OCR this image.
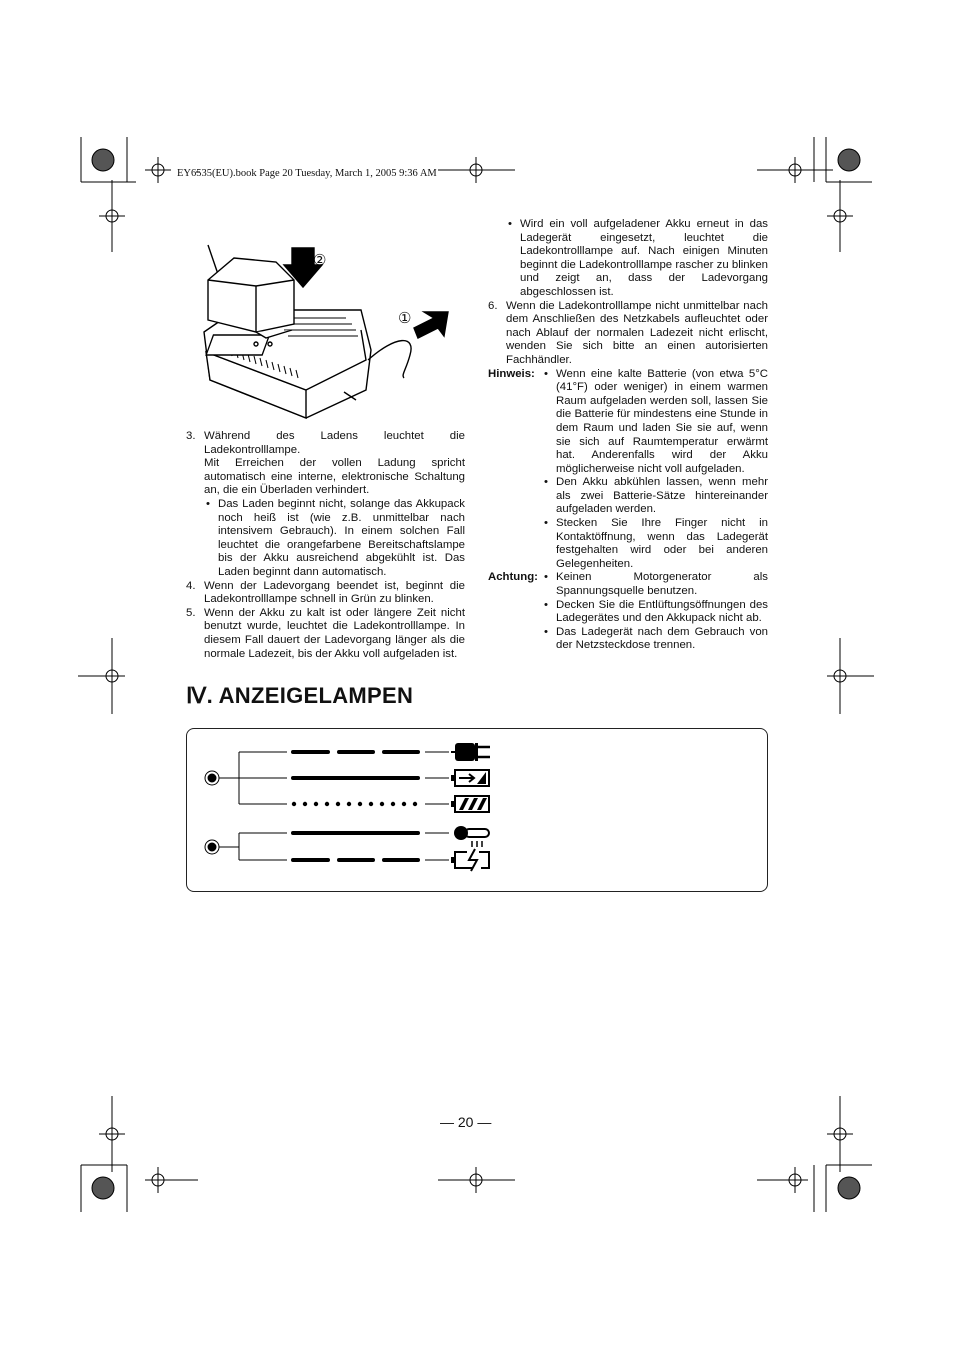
EY6535(EU).book Page 20 Tuesday, March 1, 2005 9:36 AM
②
①
3. Während des Ladens leuchtet die Ladekontrolllampe.
Mit Erreichen der vollen Ladung spricht automatisch eine interne, elektronische Schaltung an, die ein Überladen verhindert.
• Das Laden beginnt nicht, solange das Akkupack noch heiß ist (wie z.B. unmittelbar nach intensivem Gebrauch). In einem solchen Fall leuchtet die orangefarbene Bereitschaftslampe bis der Akku ausreichend abgekühlt ist. Das Laden beginnt dann automatisch.
4. Wenn der Ladevorgang beendet ist, beginnt die Ladekontrolllampe schnell in Grün zu blinken.
5. Wenn der Akku zu kalt ist oder längere Zeit nicht benutzt wurde, leuchtet die Ladekontrolllampe. In diesem Fall dauert der Ladevorgang länger als die normale Ladezeit, bis der Akku voll aufgeladen ist.
• Wird ein voll aufgeladener Akku erneut in das Ladegerät eingesetzt, leuchtet die Ladekontrolllampe auf. Nach einigen Minuten beginnt die Ladekontrolllampe rascher zu blinken und zeigt an, dass der Ladevorgang abgeschlossen ist.
6. Wenn die Ladekontrolllampe nicht unmittelbar nach dem Anschließen des Netzkabels aufleuchtet oder nach Ablauf der normalen Ladezeit nicht erlischt, wenden Sie sich bitte an einen autorisierten Fachhändler.
Hinweis:	• Wenn eine kalte Batterie (von etwa 5°C (41°F) oder weniger) in einem warmen Raum aufgeladen werden soll, lassen Sie die Batterie für mindestens eine Stunde in dem Raum und laden Sie sie auf, wenn sie sich auf Raumtemperatur erwärmt hat. Anderenfalls wird der Akku möglicherweise nicht voll aufgeladen.
• Den Akku abkühlen lassen, wenn mehr als zwei Batterie-Sätze hintereinander aufgeladen werden.
• Stecken Sie Ihre Finger nicht in Kontaktöffnung, wenn das Ladegerät festgehalten wird oder bei anderen Gelegenheiten.
Achtung:	• Keinen Motorgenerator als Spannungsquelle benutzen.
• Decken Sie die Entlüftungsöffnungen des Ladegerätes und den Akkupack nicht ab.
• Das Ladegerät nach dem Gebrauch von der Netzsteckdose trennen.
Ⅳ. ANZEIGELAMPEN
— 20 —
